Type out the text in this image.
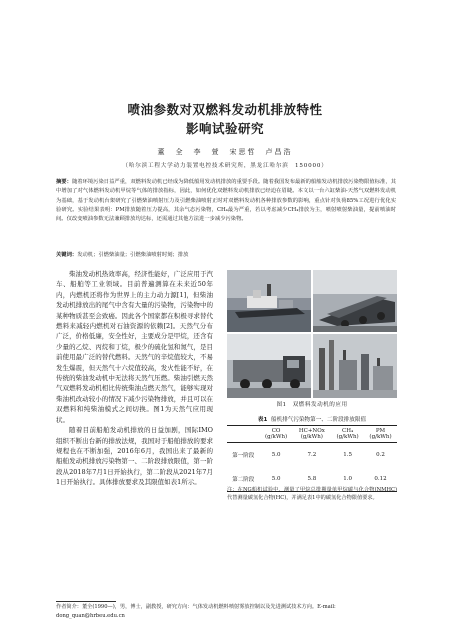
喷油参数对双燃料发动机排放特性
影响试验研究
董　全　李　萱　宋思哲　卢昌浩
（哈尔滨工程大学动力装置电控技术研究所，黑龙江哈尔滨　150000）
摘要：随着环境污染日益严重，双燃料发动机已经成为降低船用发动机排放的重要手段。随着我国发布最新的船舶发动机排放污染物限值标准，其中增加了对气体燃料发动机甲烷等气体的排放指标，因此，如何优化双燃料发动机排放已经迫在眉睫。本文以一台六缸柴油-天然气双燃料发动机为基础，基于发动机台架研究了引燃柴油喷射压力及引燃柴油喷射正时对双燃料发动机各种排放参数的影响，重点针对负荷85%工况进行优化实验研究。实验结果表明：PM排放随着压力提高，其余气态污染物，CH₄最为严重，若以考虑减少CH₄排放为主，喷射喷射柴油量，提前喷油时间。仅改变喷油参数无法兼顾排放均达标，还需通过其他方法进一步减少污染物。
关键词：发动机；引燃柴油量；引燃柴油喷射时刻；排放

柴油发动机热效率高，经济性能好，广泛应用于汽车、船舶等工业领域。目前普遍测算在未来近50年内，内燃机还将作为世界上的主力动力源[1]，但柴油发动机排放出的尾气中含有大量的污染物，污染物中的某种物质甚至会致癌。因此各个国家都在积极寻求替代燃料来减轻内燃机对石油资源的依赖[2]。天然气分布广泛，价格低廉，安全性好，主要成分是甲烷，还含有少量的乙烷、丙烷和丁烷，极少的硫化氢和氮气，是目前使用最广泛的替代燃料。天然气的辛烷值较大，不易发生爆震，但天然气十六烷值较高，发火性能不好，在传统的柴油发动机中无法将天然气压燃。柴油引燃天然气双燃料发动机相比传统柴油点燃天然气，能够实现对柴油机改动较小的情况下减少污染物排放，并且可以在双燃料和纯柴油模式之间切换。图1为天然气应用现状。

随着目前船舶发动机排放的日益加剧，国际IMO组织不断出台新的排放法规，我国对于船舶排放的要求规程也在不断加强，2016年6月，我国出来了最新的船舶发动机排放污染物第一、二阶段排放限值，第一阶段从2018年7月1日开始执行，第二阶段从2021年7月1日开始执行。具体排放要求及其限值如表1所示。

图1　双燃料发动机的应用
表1 船机排气污染物第一、二阶段排放限值
	CO	HC+NOx	CH₄	PM
	(g/kWh)	(g/kWh)	(g/kWh)	(g/kWh)
第一阶段	5.0	7.2	1.5	0.2
第二阶段	5.0	5.8	1.0	0.12
注：在NG船机试验中，测量了甲烷总排期量单甲烷碳与化合物(NMHC)代替测量碳氢化合物(HC)，并满足表1中的碳氢化合物限值要求。
作者简介：董全(1990—)，男，博士，副教授，研究方向：气体发动机燃料喷射雾放控制以及先进测试技术方向。E-mail: dong_quan@hrbeu.edu.cn
